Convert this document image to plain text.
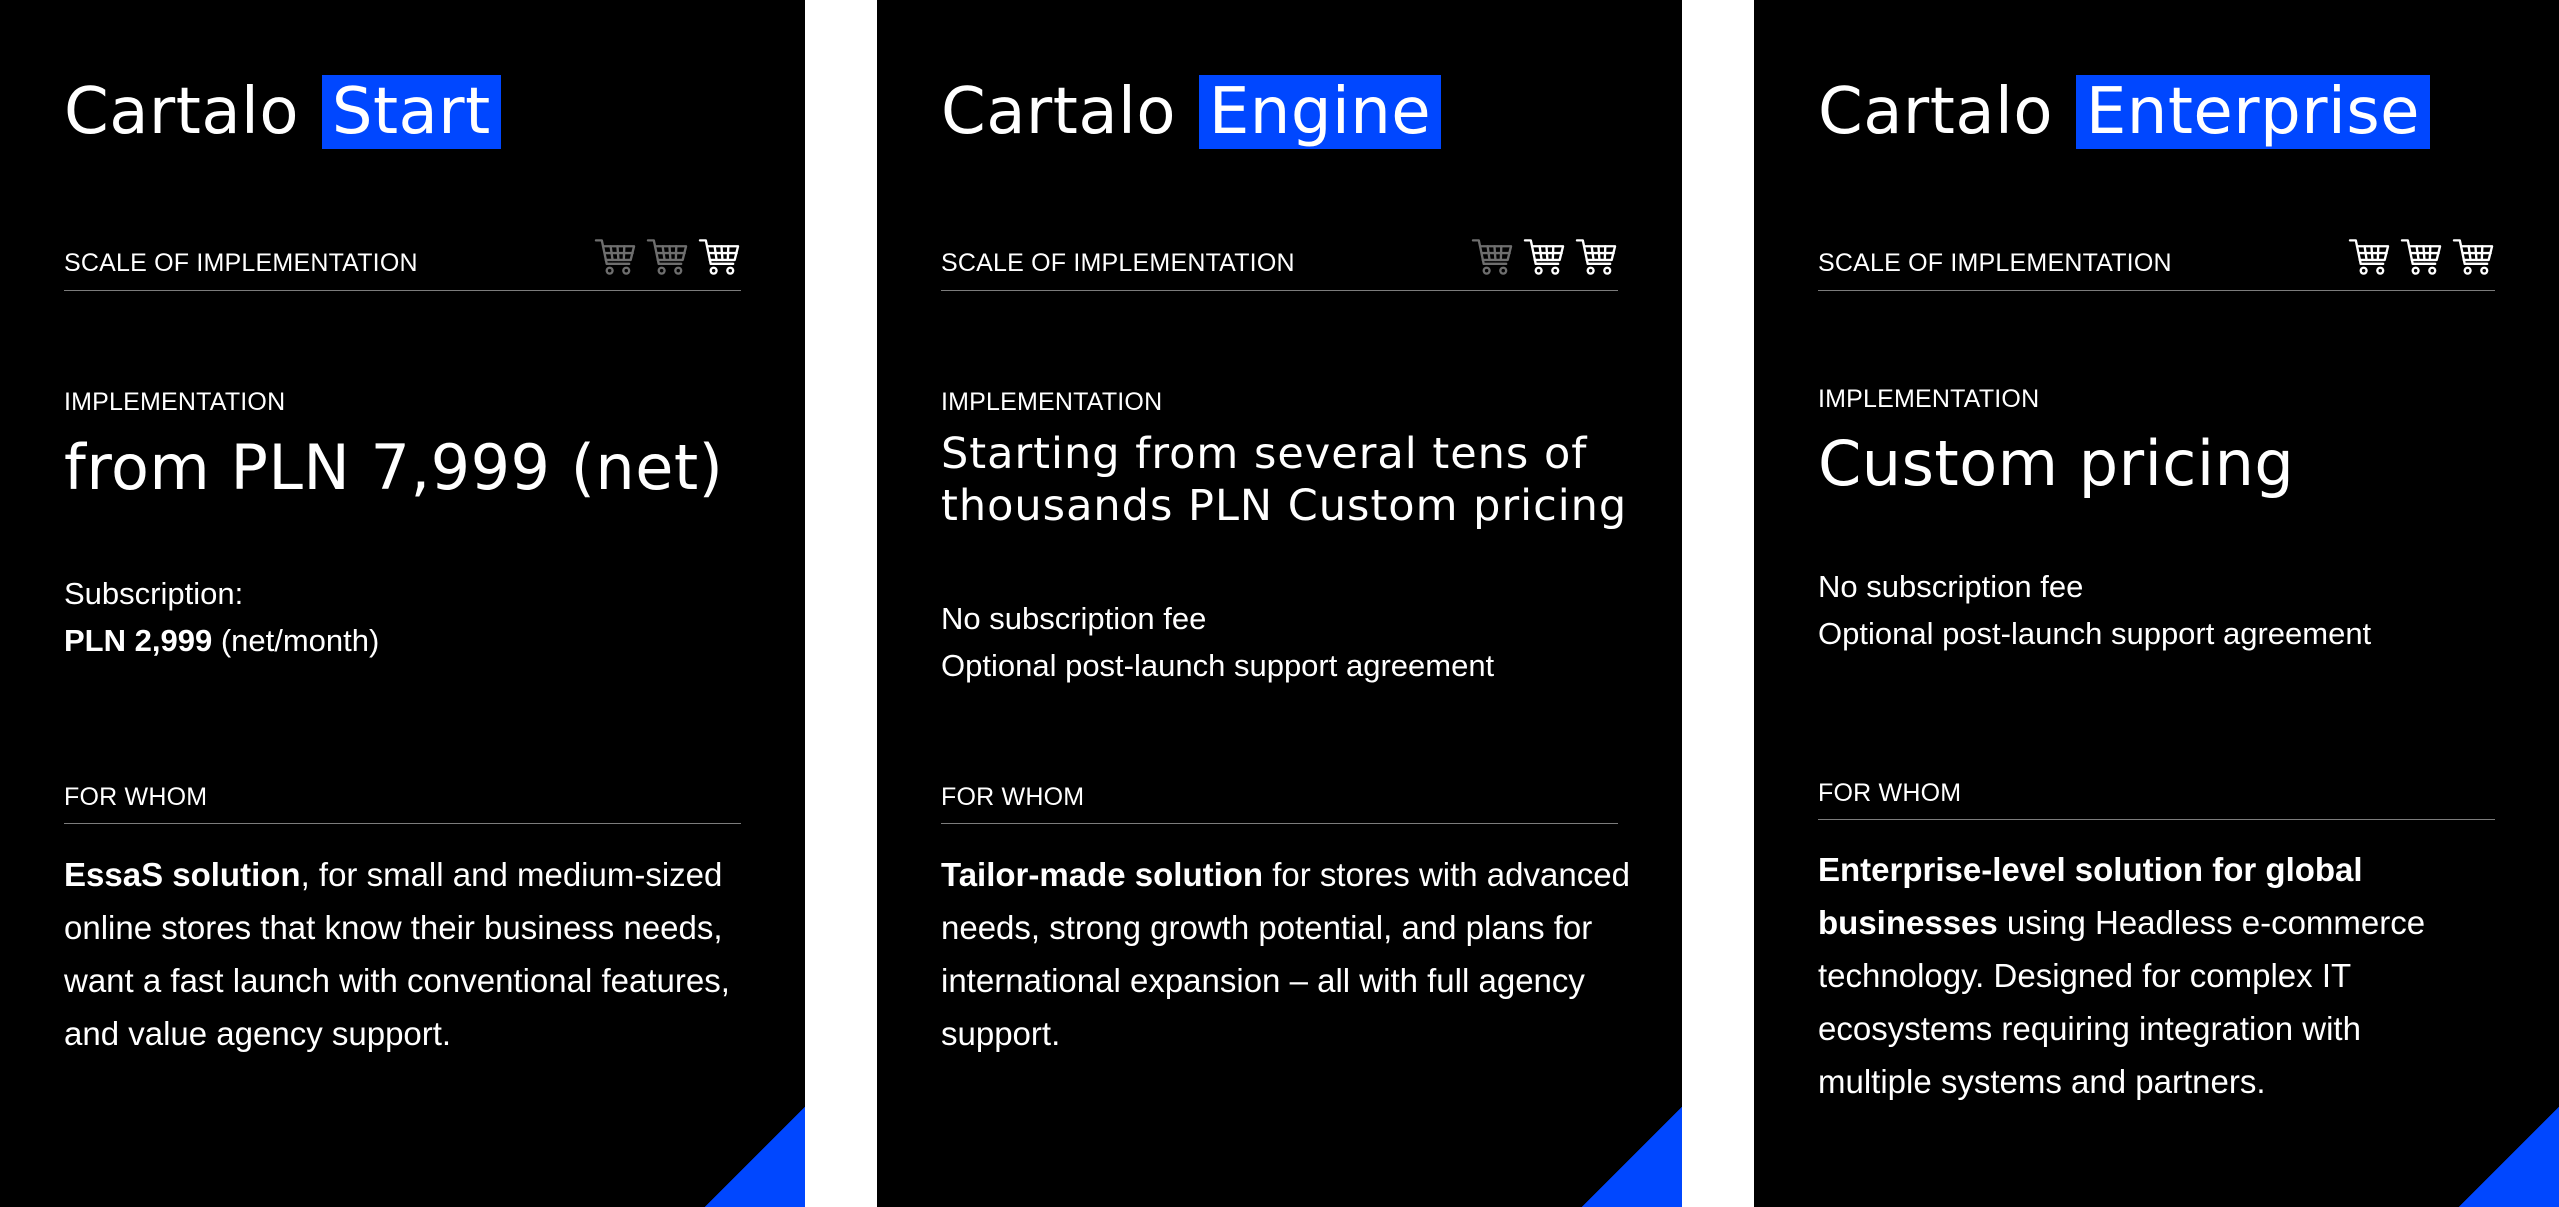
Cartalo Start
SCALE OF IMPLEMENTATION
IMPLEMENTATION
from PLN 7,999 (net)
Subscription:
PLN 2,999 (net/month)
FOR WHOM

EssaS solution, for small and medium-sized online stores that know their business needs, want a fast launch with conventional features, and value agency support.

Cartalo Engine
SCALE OF IMPLEMENTATION
IMPLEMENTATION
Starting from several tens of
thousands PLN Custom pricing
No subscription fee
Optional post-launch support agreement
FOR WHOM

Tailor-made solution for stores with advanced needs, strong growth potential, and plans for international expansion – all with full agency support.

Cartalo Enterprise
SCALE OF IMPLEMENTATION
IMPLEMENTATION
Custom pricing
No subscription fee
Optional post-launch support agreement
FOR WHOM

Enterprise-level solution for global businesses using Headless e-commerce technology. Designed for complex IT ecosystems requiring integration with multiple systems and partners.
